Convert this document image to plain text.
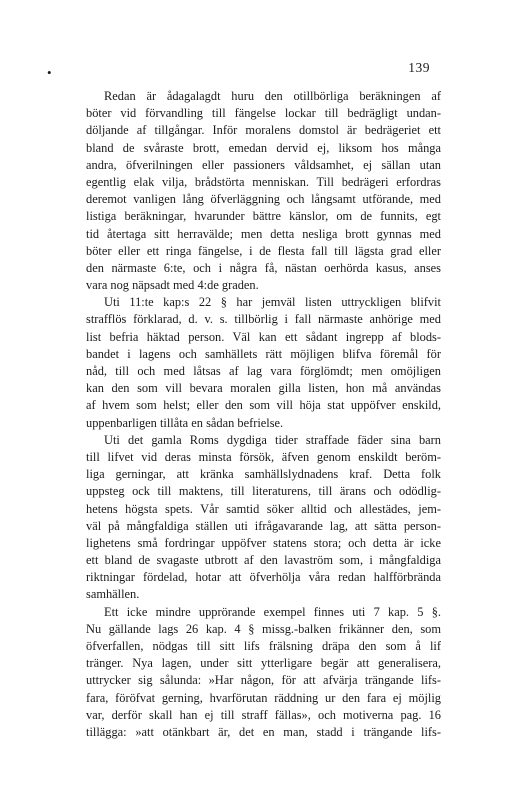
•	139
Redan är ådagalagdt huru den otillbörliga beräkningen af
böter vid förvandling till fängelse lockar till bedrägligt undan-
döljande af tillgångar. Inför moralens domstol är bedrägeriet ett
bland de svåraste brott, emedan dervid ej, liksom hos många
andra, öfverilningen eller passioners våldsamhet, ej sällan utan
egentlig elak vilja, brådstörta menniskan. Till bedrägeri erfordras
deremot vanligen lång öfverläggning och långsamt utförande, med
listiga beräkningar, hvarunder bättre känslor, om de funnits, egt
tid återtaga sitt herravälde; men detta nesliga brott gynnas med
böter eller ett ringa fängelse, i de flesta fall till lägsta grad eller
den närmaste 6:te, och i några få, nästan oerhörda kasus, anses
vara nog näpsadt med 4:de graden.
Uti 11:te kap:s 22 § har jemväl listen uttryckligen blifvit
strafflös förklarad, d. v. s. tillbörlig i fall närmaste anhörige med
list befria häktad person. Väl kan ett sådant ingrepp af blods-
bandet i lagens och samhällets rätt möjligen blifva föremål för
nåd, till och med låtsas af lag vara förglömdt; men omöjligen
kan den som vill bevara moralen gilla listen, hon må användas
af hvem som helst; eller den som vill höja stat uppöfver enskild,
uppenbarligen tillåta en sådan befrielse.
Uti det gamla Roms dygdiga tider straffade fäder sina barn
till lifvet vid deras minsta försök, äfven genom enskildt beröm-
liga gerningar, att kränka samhällslydnadens kraf. Detta folk
uppsteg ock till maktens, till literaturens, till ärans och odödlig-
hetens högsta spets. Vår samtid söker alltid och allestädes, jem-
väl på mångfaldiga ställen uti ifrågavarande lag, att sätta person-
lighetens små fordringar uppöfver statens stora; och detta är icke
ett bland de svagaste utbrott af den lavaström som, i mångfaldiga
riktningar fördelad, hotar att öfverhölja våra redan halfförbrända
samhällen.
Ett icke mindre upprörande exempel finnes uti 7 kap. 5 §.
Nu gällande lags 26 kap. 4 § missg.-balken frikänner den, som
öfverfallen, nödgas till sitt lifs frälsning dräpa den som å lif
tränger. Nya lagen, under sitt ytterligare begär att generalisera,
uttrycker sig sålunda: »Har någon, för att afvärja trängande lifs-
fara, föröfvat gerning, hvarförutan räddning ur den fara ej möjlig
var, derför skall han ej till straff fällas», och motiverna pag. 16
tillägga: »att otänkbart är, det en man, stadd i trängande lifs-
